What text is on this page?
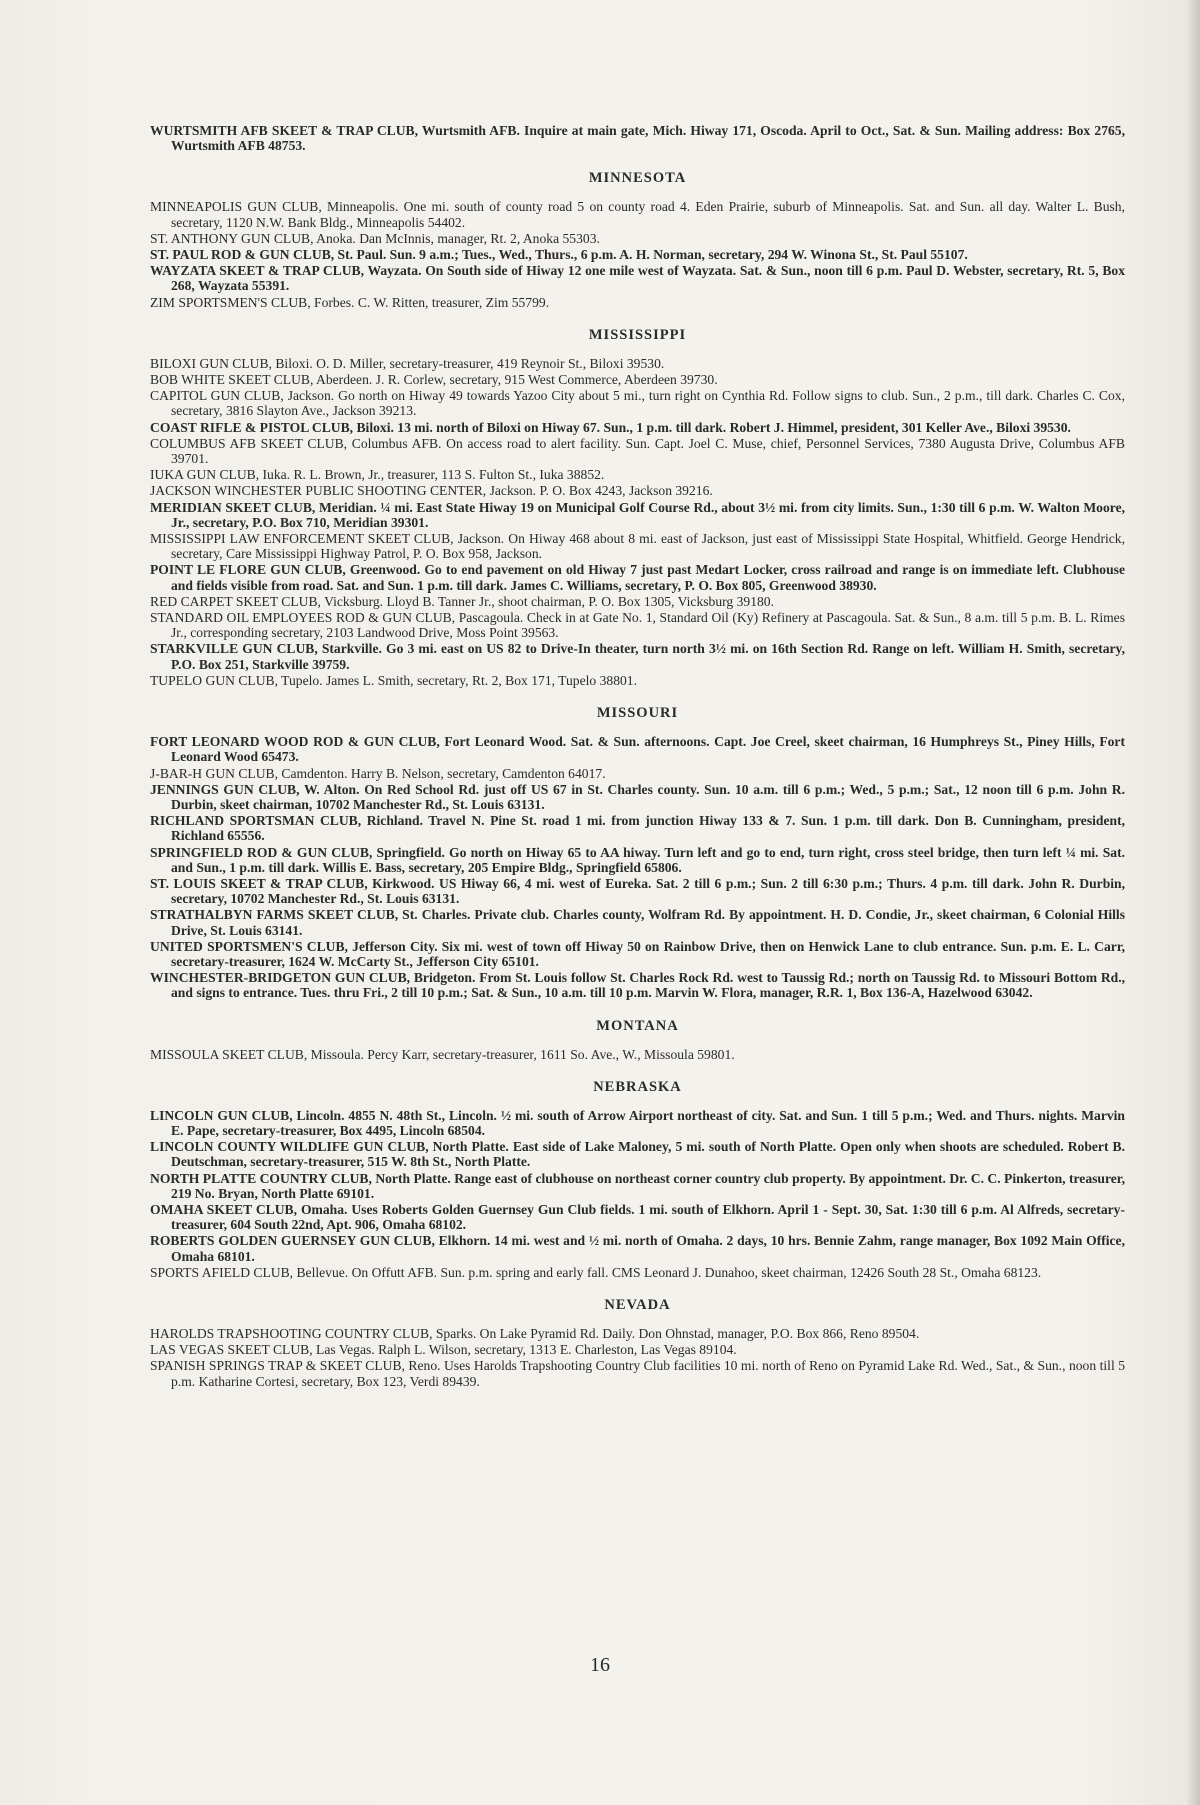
WURTSMITH AFB SKEET & TRAP CLUB, Wurtsmith AFB. Inquire at main gate, Mich. Hiway 171, Oscoda. April to Oct., Sat. & Sun. Mailing address: Box 2765, Wurtsmith AFB 48753.
MINNESOTA
MINNEAPOLIS GUN CLUB, Minneapolis. One mi. south of county road 5 on county road 4. Eden Prairie, suburb of Minneapolis. Sat. and Sun. all day. Walter L. Bush, secretary, 1120 N.W. Bank Bldg., Minneapolis 54402.
ST. ANTHONY GUN CLUB, Anoka. Dan McInnis, manager, Rt. 2, Anoka 55303.
ST. PAUL ROD & GUN CLUB, St. Paul. Sun. 9 a.m.; Tues., Wed., Thurs., 6 p.m. A. H. Norman, secretary, 294 W. Winona St., St. Paul 55107.
WAYZATA SKEET & TRAP CLUB, Wayzata. On South side of Hiway 12 one mile west of Wayzata. Sat. & Sun., noon till 6 p.m. Paul D. Webster, secretary, Rt. 5, Box 268, Wayzata 55391.
ZIM SPORTSMEN'S CLUB, Forbes. C. W. Ritten, treasurer, Zim 55799.
MISSISSIPPI
BILOXI GUN CLUB, Biloxi. O. D. Miller, secretary-treasurer, 419 Reynoir St., Biloxi 39530.
BOB WHITE SKEET CLUB, Aberdeen. J. R. Corlew, secretary, 915 West Commerce, Aberdeen 39730.
CAPITOL GUN CLUB, Jackson. Go north on Hiway 49 towards Yazoo City about 5 mi., turn right on Cynthia Rd. Follow signs to club. Sun., 2 p.m., till dark. Charles C. Cox, secretary, 3816 Slayton Ave., Jackson 39213.
COAST RIFLE & PISTOL CLUB, Biloxi. 13 mi. north of Biloxi on Hiway 67. Sun., 1 p.m. till dark. Robert J. Himmel, president, 301 Keller Ave., Biloxi 39530.
COLUMBUS AFB SKEET CLUB, Columbus AFB. On access road to alert facility. Sun. Capt. Joel C. Muse, chief, Personnel Services, 7380 Augusta Drive, Columbus AFB 39701.
IUKA GUN CLUB, Iuka. R. L. Brown, Jr., treasurer, 113 S. Fulton St., Iuka 38852.
JACKSON WINCHESTER PUBLIC SHOOTING CENTER, Jackson. P. O. Box 4243, Jackson 39216.
MERIDIAN SKEET CLUB, Meridian. ¼ mi. East State Hiway 19 on Municipal Golf Course Rd., about 3½ mi. from city limits. Sun., 1:30 till 6 p.m. W. Walton Moore, Jr., secretary, P.O. Box 710, Meridian 39301.
MISSISSIPPI LAW ENFORCEMENT SKEET CLUB, Jackson. On Hiway 468 about 8 mi. east of Jackson, just east of Mississippi State Hospital, Whitfield. George Hendrick, secretary, Care Mississippi Highway Patrol, P. O. Box 958, Jackson.
POINT LE FLORE GUN CLUB, Greenwood. Go to end pavement on old Hiway 7 just past Medart Locker, cross railroad and range is on immediate left. Clubhouse and fields visible from road. Sat. and Sun. 1 p.m. till dark. James C. Williams, secretary, P. O. Box 805, Greenwood 38930.
RED CARPET SKEET CLUB, Vicksburg. Lloyd B. Tanner Jr., shoot chairman, P. O. Box 1305, Vicksburg 39180.
STANDARD OIL EMPLOYEES ROD & GUN CLUB, Pascagoula. Check in at Gate No. 1, Standard Oil (Ky) Refinery at Pascagoula. Sat. & Sun., 8 a.m. till 5 p.m. B. L. Rimes Jr., corresponding secretary, 2103 Landwood Drive, Moss Point 39563.
STARKVILLE GUN CLUB, Starkville. Go 3 mi. east on US 82 to Drive-In theater, turn north 3½ mi. on 16th Section Rd. Range on left. William H. Smith, secretary, P.O. Box 251, Starkville 39759.
TUPELO GUN CLUB, Tupelo. James L. Smith, secretary, Rt. 2, Box 171, Tupelo 38801.
MISSOURI
FORT LEONARD WOOD ROD & GUN CLUB, Fort Leonard Wood. Sat. & Sun. afternoons. Capt. Joe Creel, skeet chairman, 16 Humphreys St., Piney Hills, Fort Leonard Wood 65473.
J-BAR-H GUN CLUB, Camdenton. Harry B. Nelson, secretary, Camdenton 64017.
JENNINGS GUN CLUB, W. Alton. On Red School Rd. just off US 67 in St. Charles county. Sun. 10 a.m. till 6 p.m.; Wed., 5 p.m.; Sat., 12 noon till 6 p.m. John R. Durbin, skeet chairman, 10702 Manchester Rd., St. Louis 63131.
RICHLAND SPORTSMAN CLUB, Richland. Travel N. Pine St. road 1 mi. from junction Hiway 133 & 7. Sun. 1 p.m. till dark. Don B. Cunningham, president, Richland 65556.
SPRINGFIELD ROD & GUN CLUB, Springfield. Go north on Hiway 65 to AA hiway. Turn left and go to end, turn right, cross steel bridge, then turn left ¼ mi. Sat. and Sun., 1 p.m. till dark. Willis E. Bass, secretary, 205 Empire Bldg., Springfield 65806.
ST. LOUIS SKEET & TRAP CLUB, Kirkwood. US Hiway 66, 4 mi. west of Eureka. Sat. 2 till 6 p.m.; Sun. 2 till 6:30 p.m.; Thurs. 4 p.m. till dark. John R. Durbin, secretary, 10702 Manchester Rd., St. Louis 63131.
STRATHALBYN FARMS SKEET CLUB, St. Charles. Private club. Charles county, Wolfram Rd. By appointment. H. D. Condie, Jr., skeet chairman, 6 Colonial Hills Drive, St. Louis 63141.
UNITED SPORTSMEN'S CLUB, Jefferson City. Six mi. west of town off Hiway 50 on Rainbow Drive, then on Henwick Lane to club entrance. Sun. p.m. E. L. Carr, secretary-treasurer, 1624 W. McCarty St., Jefferson City 65101.
WINCHESTER-BRIDGETON GUN CLUB, Bridgeton. From St. Louis follow St. Charles Rock Rd. west to Taussig Rd.; north on Taussig Rd. to Missouri Bottom Rd., and signs to entrance. Tues. thru Fri., 2 till 10 p.m.; Sat. & Sun., 10 a.m. till 10 p.m. Marvin W. Flora, manager, R.R. 1, Box 136-A, Hazelwood 63042.
MONTANA
MISSOULA SKEET CLUB, Missoula. Percy Karr, secretary-treasurer, 1611 So. Ave., W., Missoula 59801.
NEBRASKA
LINCOLN GUN CLUB, Lincoln. 4855 N. 48th St., Lincoln. ½ mi. south of Arrow Airport northeast of city. Sat. and Sun. 1 till 5 p.m.; Wed. and Thurs. nights. Marvin E. Pape, secretary-treasurer, Box 4495, Lincoln 68504.
LINCOLN COUNTY WILDLIFE GUN CLUB, North Platte. East side of Lake Maloney, 5 mi. south of North Platte. Open only when shoots are scheduled. Robert B. Deutschman, secretary-treasurer, 515 W. 8th St., North Platte.
NORTH PLATTE COUNTRY CLUB, North Platte. Range east of clubhouse on northeast corner country club property. By appointment. Dr. C. C. Pinkerton, treasurer, 219 No. Bryan, North Platte 69101.
OMAHA SKEET CLUB, Omaha. Uses Roberts Golden Guernsey Gun Club fields. 1 mi. south of Elkhorn. April 1 - Sept. 30, Sat. 1:30 till 6 p.m. Al Alfreds, secretary-treasurer, 604 South 22nd, Apt. 906, Omaha 68102.
ROBERTS GOLDEN GUERNSEY GUN CLUB, Elkhorn. 14 mi. west and ½ mi. north of Omaha. 2 days, 10 hrs. Bennie Zahm, range manager, Box 1092 Main Office, Omaha 68101.
SPORTS AFIELD CLUB, Bellevue. On Offutt AFB. Sun. p.m. spring and early fall. CMS Leonard J. Dunahoo, skeet chairman, 12426 South 28 St., Omaha 68123.
NEVADA
HAROLDS TRAPSHOOTING COUNTRY CLUB, Sparks. On Lake Pyramid Rd. Daily. Don Ohnstad, manager, P.O. Box 866, Reno 89504.
LAS VEGAS SKEET CLUB, Las Vegas. Ralph L. Wilson, secretary, 1313 E. Charleston, Las Vegas 89104.
SPANISH SPRINGS TRAP & SKEET CLUB, Reno. Uses Harolds Trapshooting Country Club facilities 10 mi. north of Reno on Pyramid Lake Rd. Wed., Sat., & Sun., noon till 5 p.m. Katharine Cortesi, secretary, Box 123, Verdi 89439.
16
